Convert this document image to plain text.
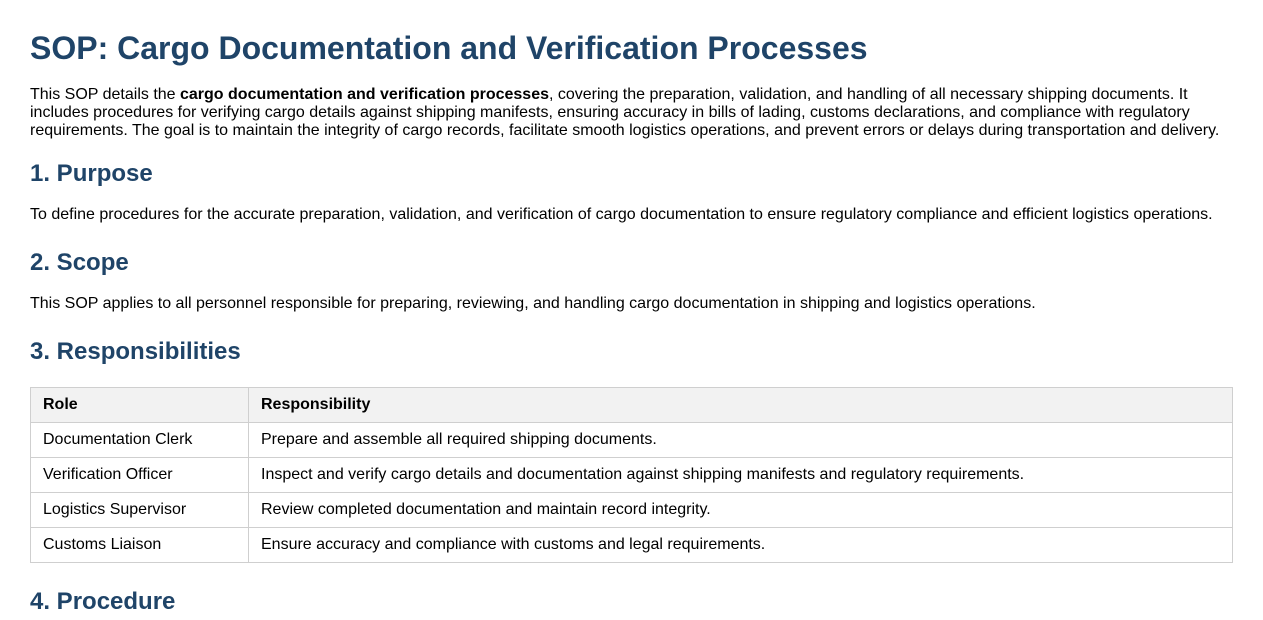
SOP: Cargo Documentation and Verification Processes

This SOP details the cargo documentation and verification processes, covering the preparation, validation, and handling of all necessary shipping documents. It includes procedures for verifying cargo details against shipping manifests, ensuring accuracy in bills of lading, customs declarations, and compliance with regulatory requirements. The goal is to maintain the integrity of cargo records, facilitate smooth logistics operations, and prevent errors or delays during transportation and delivery.

1. Purpose

To define procedures for the accurate preparation, validation, and verification of cargo documentation to ensure regulatory compliance and efficient logistics operations.

2. Scope

This SOP applies to all personnel responsible for preparing, reviewing, and handling cargo documentation in shipping and logistics operations.

3. Responsibilities
Role	Responsibility
Documentation Clerk	Prepare and assemble all required shipping documents.
Verification Officer	Inspect and verify cargo details and documentation against shipping manifests and regulatory requirements.
Logistics Supervisor	Review completed documentation and maintain record integrity.
Customs Liaison	Ensure accuracy and compliance with customs and legal requirements.
4. Procedure
